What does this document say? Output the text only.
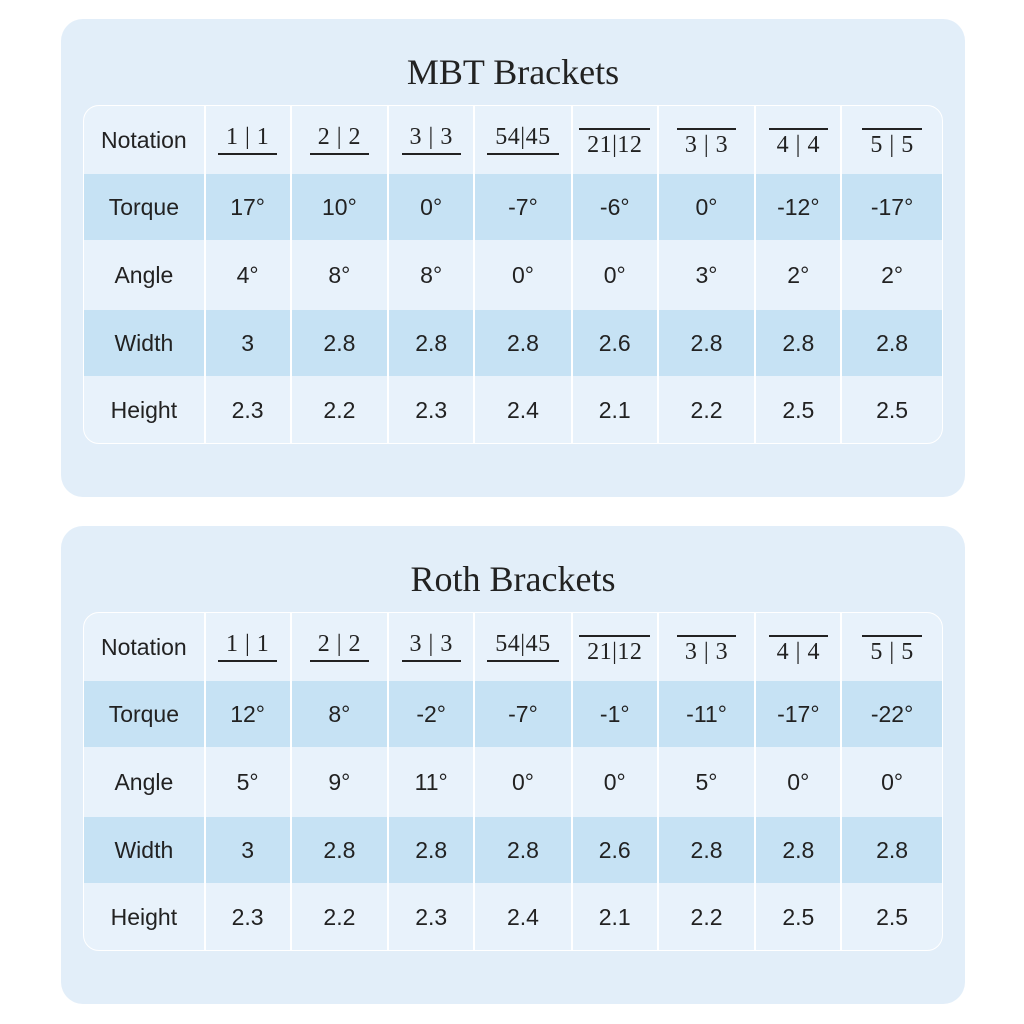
MBT Brackets
Notation	1 | 1	2 | 2	3 | 3	54|45	21|12	3 | 3	4 | 4	5 | 5
Torque	17°	10°	0°	-7°	-6°	0°	-12°	-17°
Angle	4°	8°	8°	0°	0°	3°	2°	2°
Width	3	2.8	2.8	2.8	2.6	2.8	2.8	2.8
Height	2.3	2.2	2.3	2.4	2.1	2.2	2.5	2.5
Roth Brackets
Notation	1 | 1	2 | 2	3 | 3	54|45	21|12	3 | 3	4 | 4	5 | 5
Torque	12°	8°	-2°	-7°	-1°	-11°	-17°	-22°
Angle	5°	9°	11°	0°	0°	5°	0°	0°
Width	3	2.8	2.8	2.8	2.6	2.8	2.8	2.8
Height	2.3	2.2	2.3	2.4	2.1	2.2	2.5	2.5
